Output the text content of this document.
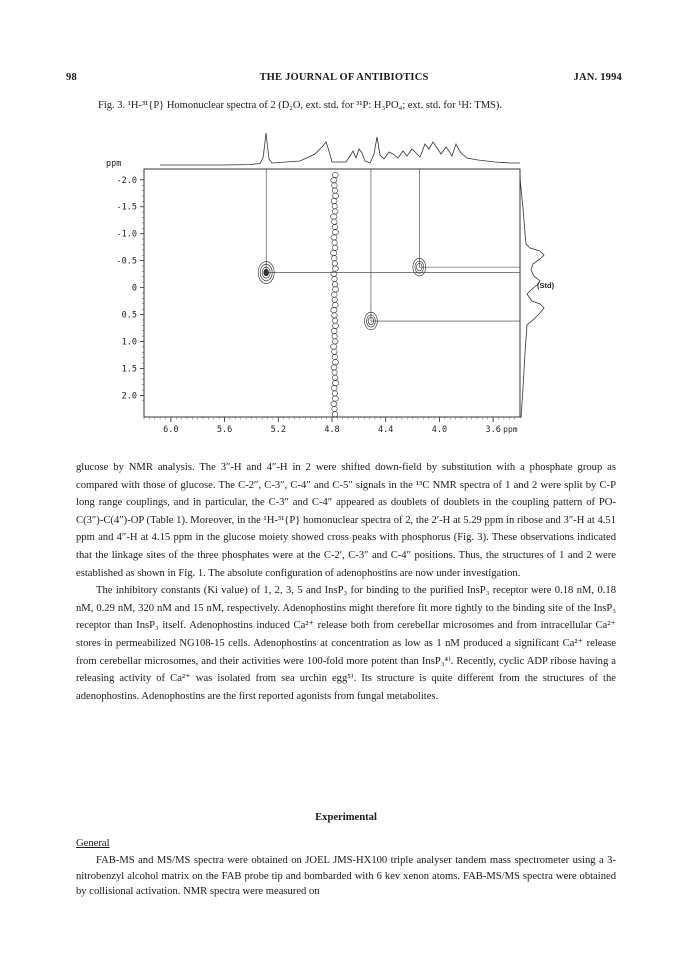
98	THE JOURNAL OF ANTIBIOTICS	JAN. 1994
Fig. 3. ¹H-³¹{P} Homonuclear spectra of 2 (D₂O, ext. std. for ³¹P: H₃PO₄; ext. std. for ¹H: TMS).
-2.0
-1.5
-1.0
-0.5
0
0.5
1.0
1.5
2.0
6.0	5.6	5.2	4.8	4.4	4.0	3.6 ppm
ppm
(Std)

glucose by NMR analysis. The 3″-H and 4″-H in 2 were shifted down-field by substitution with a phosphate group as compared with those of glucose. The C-2″, C-3″, C-4″ and C-5″ signals in the ¹³C NMR spectra of 1 and 2 were split by C-P long range couplings, and in particular, the C-3″ and C-4″ appeared as doublets of doublets in the coupling pattern of PO-C(3″)-C(4″)-OP (Table 1). Moreover, in the ¹H-³¹{P} homonuclear spectra of 2, the 2′-H at 5.29 ppm in ribose and 3″-H at 4.51 ppm and 4″-H at 4.15 ppm in the glucose moiety showed cross peaks with phosphorus (Fig. 3). These observations indicated that the linkage sites of the three phosphates were at the C-2′, C-3″ and C-4″ positions. Thus, the structures of 1 and 2 were established as shown in Fig. 1. The absolute configuration of adenophostins are now under investigation.

The inhibitory constants (Ki value) of 1, 2, 3, 5 and InsP₃ for binding to the purified InsP₃ receptor were 0.18 nM, 0.18 nM, 0.29 nM, 320 nM and 15 nM, respectively. Adenophostins might therefore fit more tightly to the binding site of the InsP₃ receptor than InsP₃ itself. Adenophostins induced Ca²⁺ release both from cerebellar microsomes and from intracellular Ca²⁺ stores in permeabilized NG108-15 cells. Adenophostins at concentration as low as 1 nM produced a significant Ca²⁺ release from cerebellar microsomes, and their activities were 100-fold more potent than InsP₃⁴⁾. Recently, cyclic ADP ribose having a releasing activity of Ca²⁺ was isolated from sea urchin egg⁵⁾. Its structure is quite different from the structures of the adenophostins. Adenophostins are the first reported agonists from fungal metabolites.

Experimental
General

FAB-MS and MS/MS spectra were obtained on JOEL JMS-HX100 triple analyser tandem mass spectrometer using a 3-nitrobenzyl alcohol matrix on the FAB probe tip and bombarded with 6 kev xenon atoms. FAB-MS/MS spectra were obtained by collisional activation. NMR spectra were measured on
